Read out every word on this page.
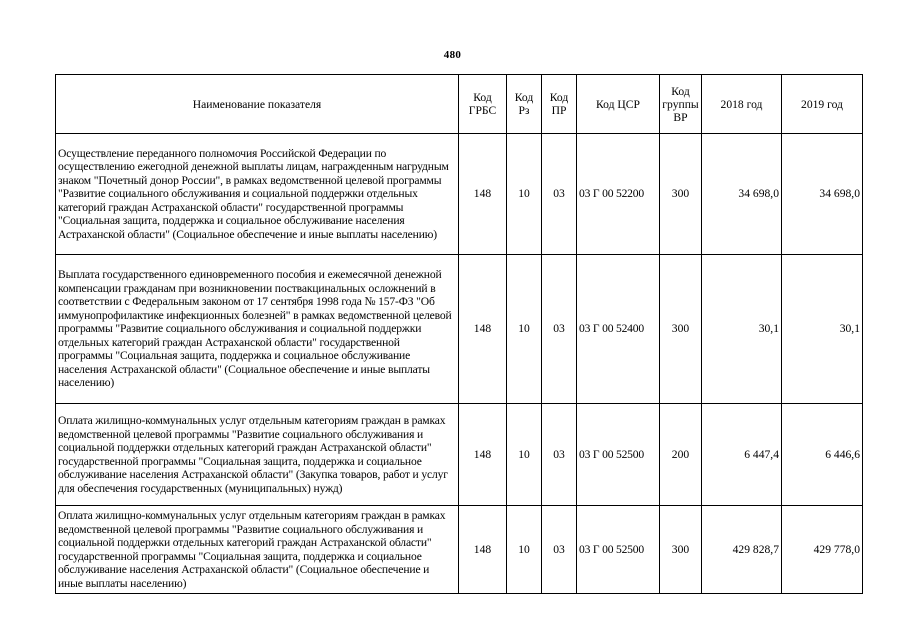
480
Наименование показателя	Код ГРБС	Код Рз	Код ПР	Код ЦСР	Код группы ВР	2018 год	2019 год
Осуществление переданного полномочия Российской Федерации по осуществлению ежегодной денежной выплаты лицам, награжденным нагрудным знаком "Почетный донор России", в рамках ведомственной целевой программы "Развитие социального обслуживания и социальной поддержки отдельных категорий граждан Астраханской области" государственной программы "Социальная защита, поддержка и социальное обслуживание населения Астраханской области" (Социальное обеспечение и иные выплаты населению)	148	10	03	03 Г 00 52200	300	34 698,0	34 698,0
Выплата государственного единовременного пособия и ежемесячной денежной компенсации гражданам при возникновении поствакцинальных осложнений в соответствии с Федеральным законом от 17 сентября 1998 года № 157-ФЗ "Об иммунопрофилактике инфекционных болезней" в рамках ведомственной целевой программы "Развитие социального обслуживания и социальной поддержки отдельных категорий граждан Астраханской области" государственной программы "Социальная защита, поддержка и социальное обслуживание населения Астраханской области" (Социальное обеспечение и иные выплаты населению)	148	10	03	03 Г 00 52400	300	30,1	30,1
Оплата жилищно-коммунальных услуг отдельным категориям граждан в рамках ведомственной целевой программы "Развитие социального обслуживания и социальной поддержки отдельных категорий граждан Астраханской области" государственной программы "Социальная защита, поддержка и социальное обслуживание населения Астраханской области" (Закупка товаров, работ и услуг для обеспечения государственных (муниципальных) нужд)	148	10	03	03 Г 00 52500	200	6 447,4	6 446,6
Оплата жилищно-коммунальных услуг отдельным категориям граждан в рамках ведомственной целевой программы "Развитие социального обслуживания и социальной поддержки отдельных категорий граждан Астраханской области" государственной программы "Социальная защита, поддержка и социальное обслуживание населения Астраханской области" (Социальное обеспечение и иные выплаты населению)	148	10	03	03 Г 00 52500	300	429 828,7	429 778,0
